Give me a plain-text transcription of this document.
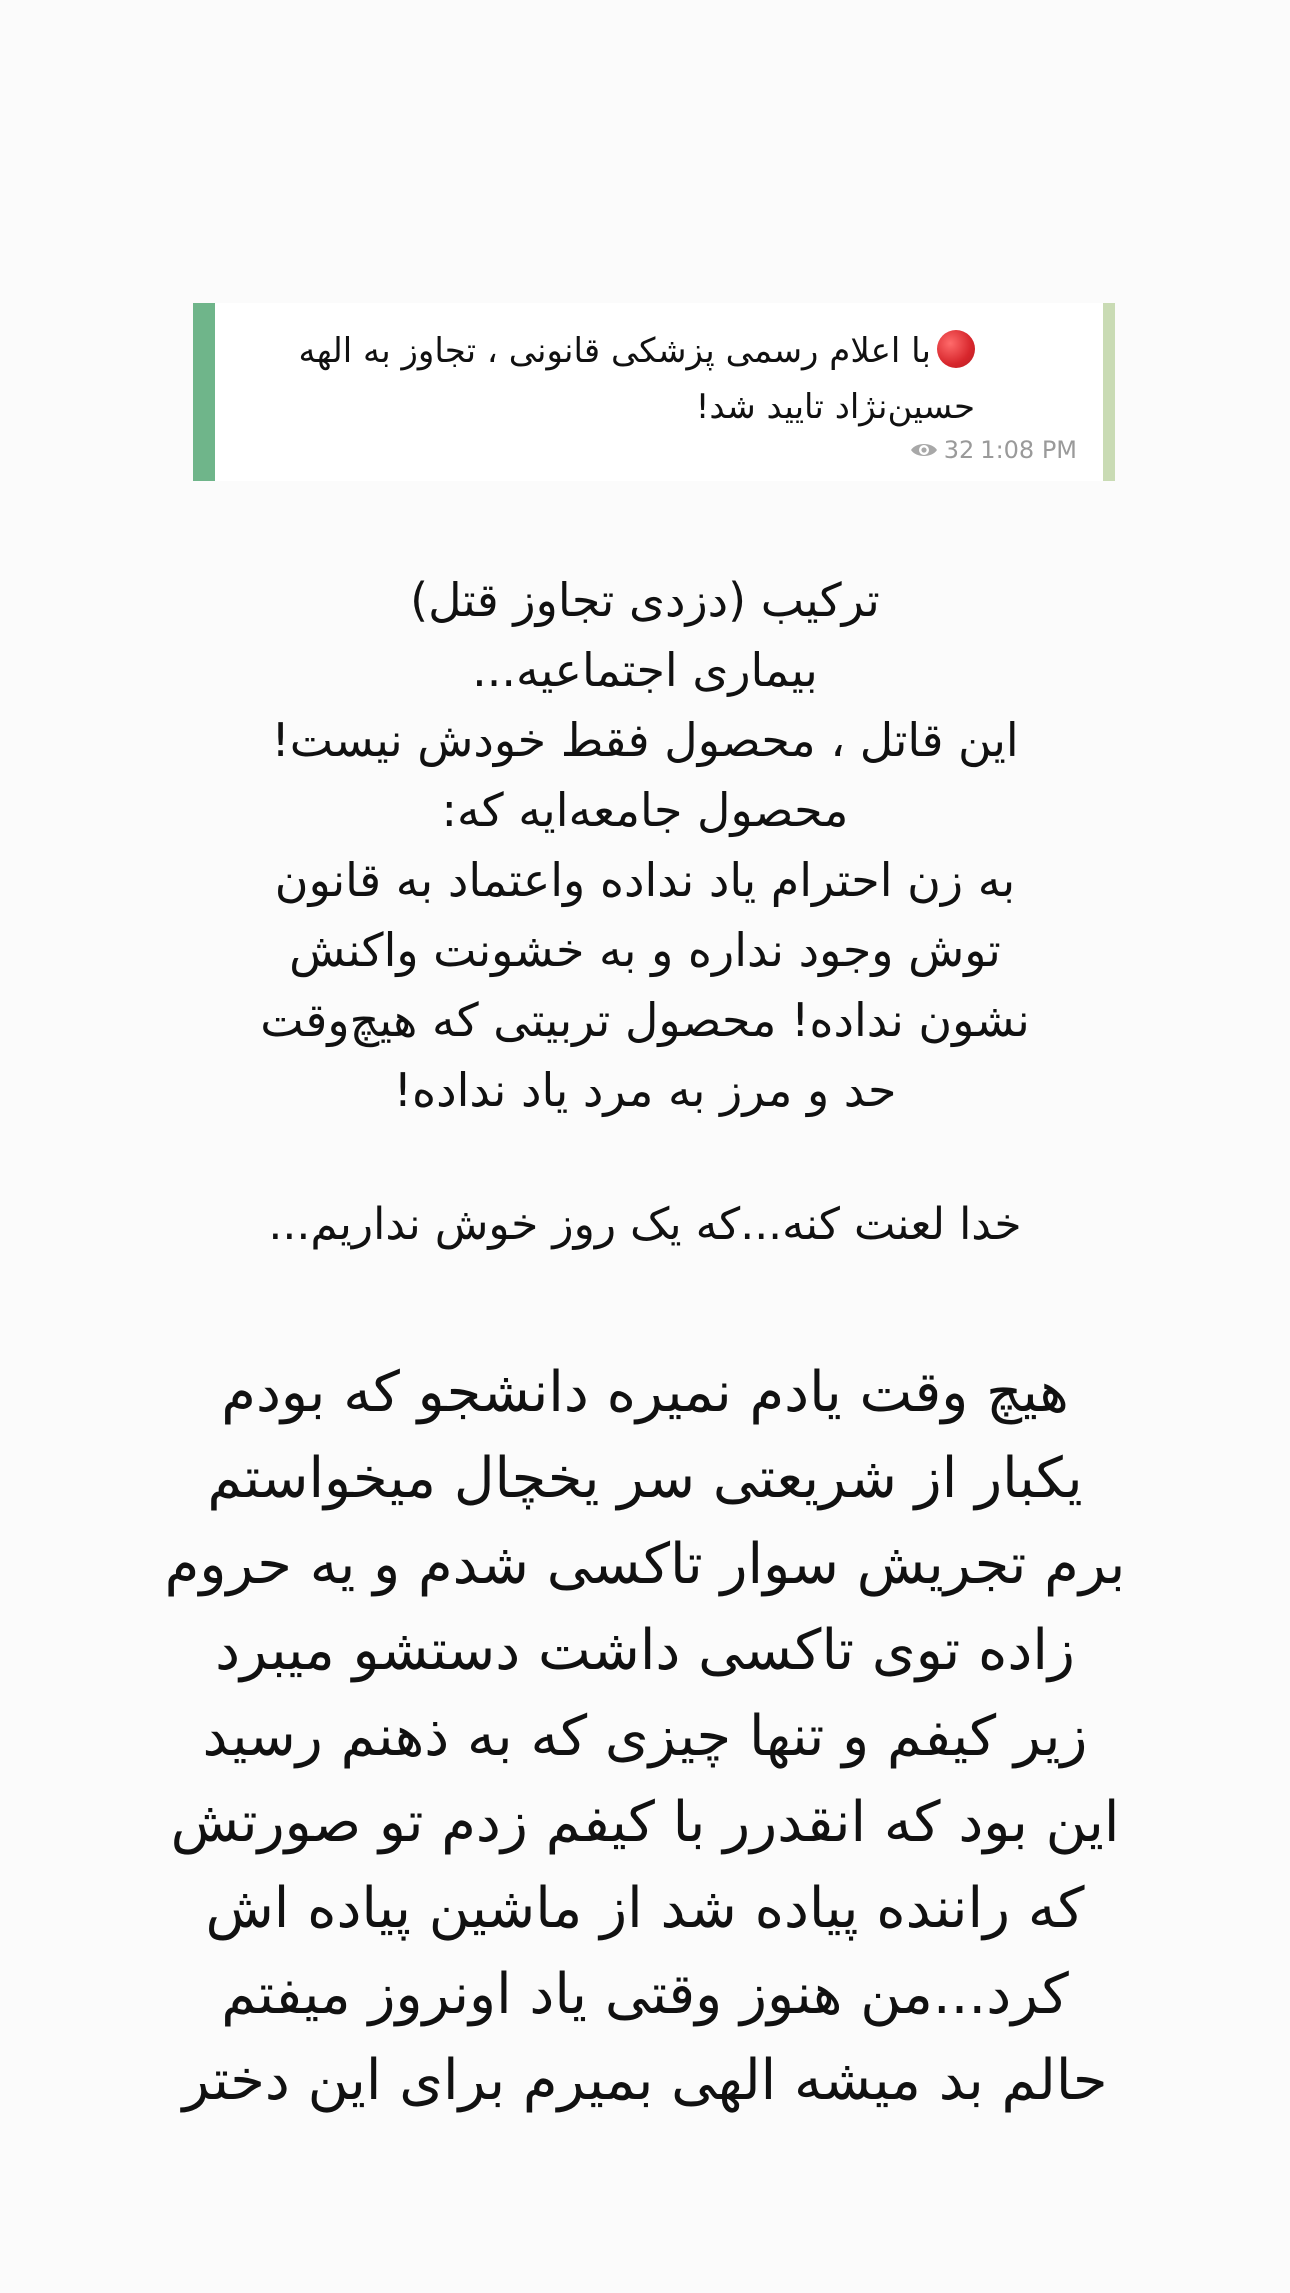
با اعلام رسمی پزشکی قانونی ، تجاوز به الهه
حسین‌نژاد تایید شد!
32 1:08 PM
ترکیب (دزدی تجاوز قتل)
بیماری اجتماعیه...
این قاتل ، محصول فقط خودش نیست!
محصول جامعه‌ایه که:
به زن احترام یاد نداده واعتماد به قانون
توش وجود نداره و به خشونت واکنش
نشون نداده! محصول تربیتی که هیچ‌وقت
حد و مرز به مرد یاد نداده!
خدا لعنت کنه...که یک روز خوش نداریم...
هیچ وقت یادم نمیره دانشجو که بودم
یکبار از شریعتی سر یخچال میخواستم
برم تجریش سوار تاکسی شدم و یه حروم
زاده توی تاکسی داشت دستشو میبرد
زیر کیفم و تنها چیزی که به ذهنم رسید
این بود که انقدرر با کیفم زدم تو صورتش
که راننده پیاده شد از ماشین پیاده اش
کرد...من هنوز وقتی یاد اونروز میفتم
حالم بد میشه الهی بمیرم برای این دختر
